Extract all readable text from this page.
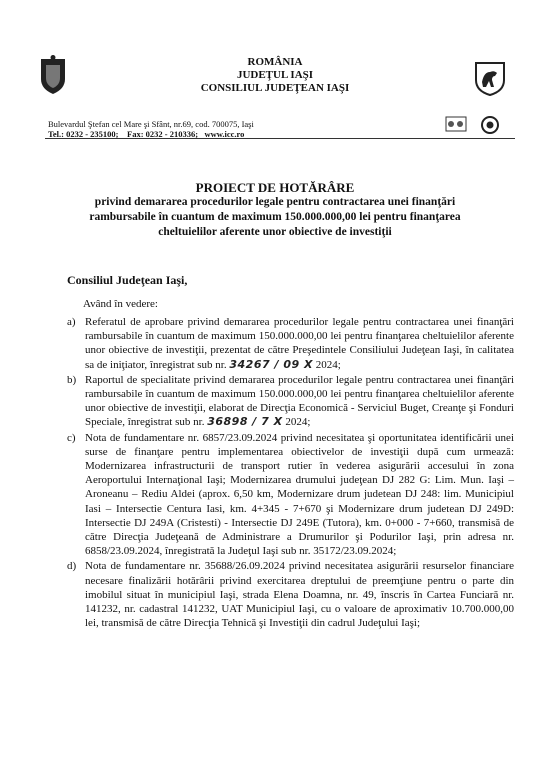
ROMÂNIA
JUDEŢUL IAŞI
CONSILIUL JUDEŢEAN IAŞI
Bulevardul Ştefan cel Mare şi Sfânt, nr.69, cod. 700075, Iaşi
Tel.: 0232 - 235100; Fax: 0232 - 210336; www.icc.ro
PROIECT DE HOTĂRÂRE
privind demararea procedurilor legale pentru contractarea unei finanţări
rambursabile în cuantum de maximum 150.000.000,00 lei pentru finanţarea
cheltuielilor aferente unor obiective de investiţii
Consiliul Judeţean Iaşi,
Având în vedere:
a) Referatul de aprobare privind demararea procedurilor legale pentru contractarea unei finanţări rambursabile în cuantum de maximum 150.000.000,00 lei pentru finanţarea cheltuielilor aferente unor obiective de investiţii, prezentat de către Preşedintele Consiliului Judeţean Iaşi, în calitatea sa de iniţiator, înregistrat sub nr. 34267 / 09 X 2024;
b) Raportul de specialitate privind demararea procedurilor legale pentru contractarea unei finanţări rambursabile în cuantum de maximum 150.000.000,00 lei pentru finanţarea cheltuielilor aferente unor obiective de investiţii, elaborat de Direcţia Economică - Serviciul Buget, Creanţe şi Fonduri Speciale, înregistrat sub nr. 36898 / 7 X 2024;
c) Nota de fundamentare nr. 6857/23.09.2024 privind necesitatea şi oportunitatea identificării unei surse de finanţare pentru implementarea obiectivelor de investiţii după cum urmează: Modernizarea infrastructurii de transport rutier în vederea asigurării accesului în zona Aeroportului Internaţional Iaşi; Modernizarea drumului judeţean DJ 282 G: Lim. Mun. Iaşi – Aroneanu – Rediu Aldei (aprox. 6,50 km, Modernizare drum judetean DJ 248: lim. Municipiul Iasi – Intersectie Centura Iasi, km. 4+345 - 7+670 şi Modernizare drum judetean DJ 249D: Intersectie DJ 249A (Cristesti) - Intersectie DJ 249E (Tutora), km. 0+000 - 7+660, transmisă de către Direcţia Judeţeană de Administrare a Drumurilor şi Podurilor Iaşi, prin adresa nr. 6858/23.09.2024, înregistrată la Judeţul Iaşi sub nr. 35172/23.09.2024;
d) Nota de fundamentare nr. 35688/26.09.2024 privind necesitatea asigurării resurselor financiare necesare finalizării hotărârii privind exercitarea dreptului de preemţiune pentru o parte din imobilul situat în municipiul Iaşi, strada Elena Doamna, nr. 49, înscris în Cartea Funciară nr. 141232, nr. cadastral 141232, UAT Municipiul Iaşi, cu o valoare de aproximativ 10.700.000,00 lei, transmisă de către Direcţia Tehnică şi Investiţii din cadrul Judeţului Iaşi;
